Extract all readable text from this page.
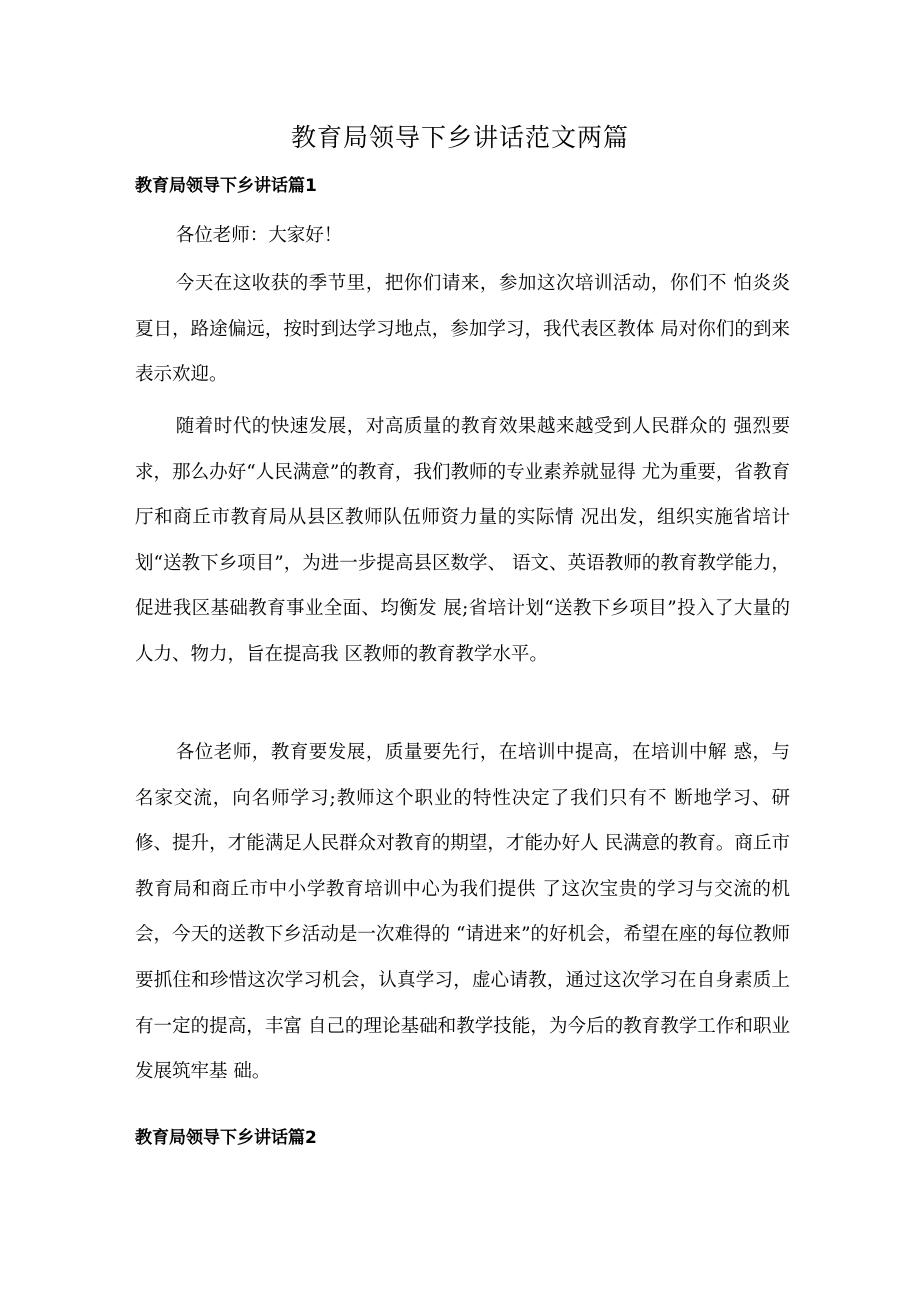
教育局领导下乡讲话范文两篇
教育局领导下乡讲话篇1

各位老师：大家好！

今天在这收获的季节里，把你们请来，参加这次培训活动，你们不 怕炎炎夏日，路途偏远，按时到达学习地点，参加学习，我代表区教体 局对你们的到来表示欢迎。

随着时代的快速发展，对高质量的教育效果越来越受到人民群众的 强烈要求，那么办好“人民满意”的教育，我们教师的专业素养就显得 尤为重要，省教育厅和商丘市教育局从县区教师队伍师资力量的实际情 况出发，组织实施省培计划“送教下乡项目”，为进一步提高县区数学、 语文、英语教师的教育教学能力，促进我区基础教育事业全面、均衡发 展;省培计划“送教下乡项目”投入了大量的人力、物力，旨在提高我 区教师的教育教学水平。

各位老师，教育要发展，质量要先行，在培训中提高，在培训中解 惑，与名家交流，向名师学习;教师这个职业的特性决定了我们只有不 断地学习、研修、提升，才能满足人民群众对教育的期望，才能办好人 民满意的教育。商丘市教育局和商丘市中小学教育培训中心为我们提供 了这次宝贵的学习与交流的机会，今天的送教下乡活动是一次难得的 “请进来”的好机会，希望在座的每位教师要抓住和珍惜这次学习机会，认真学习，虚心请教，通过这次学习在自身素质上有一定的提高，丰富 自己的理论基础和教学技能，为今后的教育教学工作和职业发展筑牢基 础。

教育局领导下乡讲话篇2
